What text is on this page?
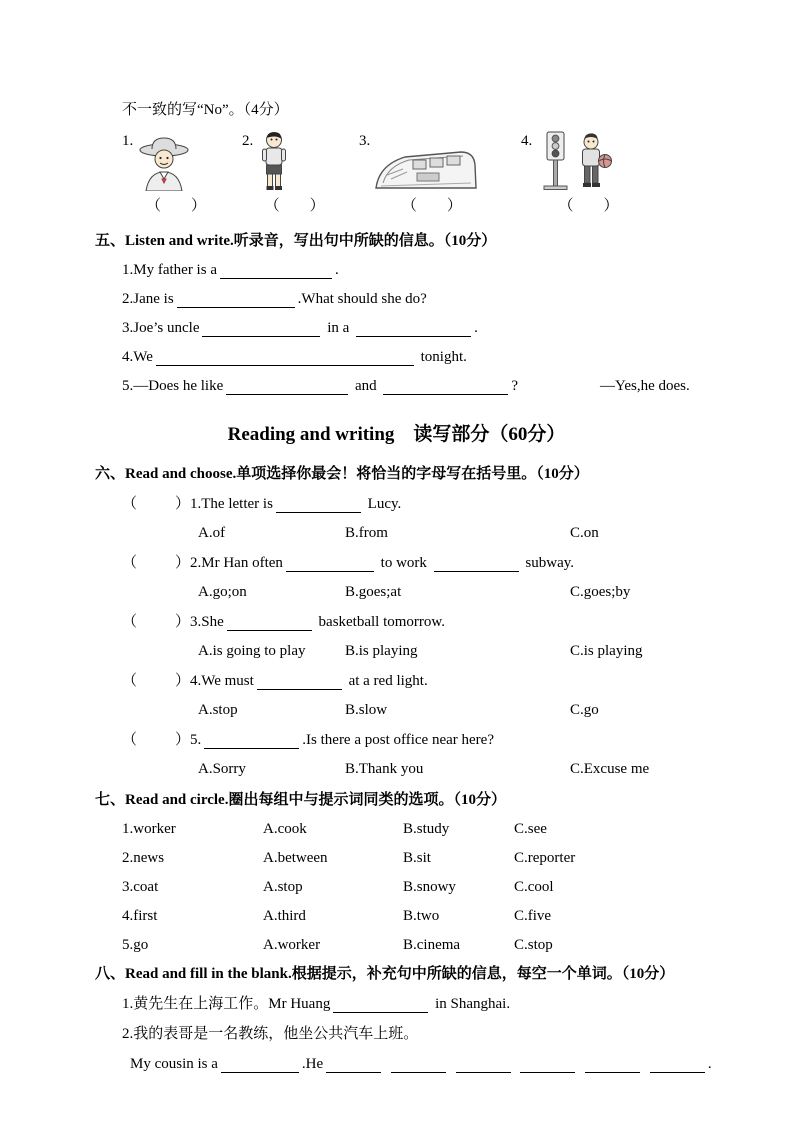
不一致的写“No”。（4分）
1.
（　　）
2.
（　　）
3.
（　　）
4.
（　　）
五、Listen and write.听录音，写出句中所缺的信息。（10分）
1.My father is a	.
2.Jane is	.What should she do?
3.Joe’s uncle	in a	.
4.We	tonight.
5.—Does he like	and	?	—Yes,he does.
Reading and writing　读写部分（60分）
六、Read and choose.单项选择你最会！将恰当的字母写在括号里。（10分）
（	）1.The letter is	Lucy.
A.of	B.from	C.on
（	）2.Mr Han often	to work	subway.
A.go;on	B.goes;at	C.goes;by
（	）3.She	basketball tomorrow.
A.is going to play	B.is playing	C.is playing
（	）4.We must	at a red light.
A.stop	B.slow	C.go
（	）5.	.Is there a post office near here?
A.Sorry	B.Thank you	C.Excuse me
七、Read and circle.圈出每组中与提示词同类的选项。（10分）
1.worker	A.cook	B.study	C.see
2.news	A.between	B.sit	C.reporter
3.coat	A.stop	B.snowy	C.cool
4.first	A.third	B.two	C.five
5.go	A.worker	B.cinema	C.stop
八、Read and fill in the blank.根据提示，补充句中所缺的信息，每空一个单词。（10分）
1.黄先生在上海工作。Mr Huang	in Shanghai.
2.我的表哥是一名教练，他坐公共汽车上班。
My cousin is a	.He	.
